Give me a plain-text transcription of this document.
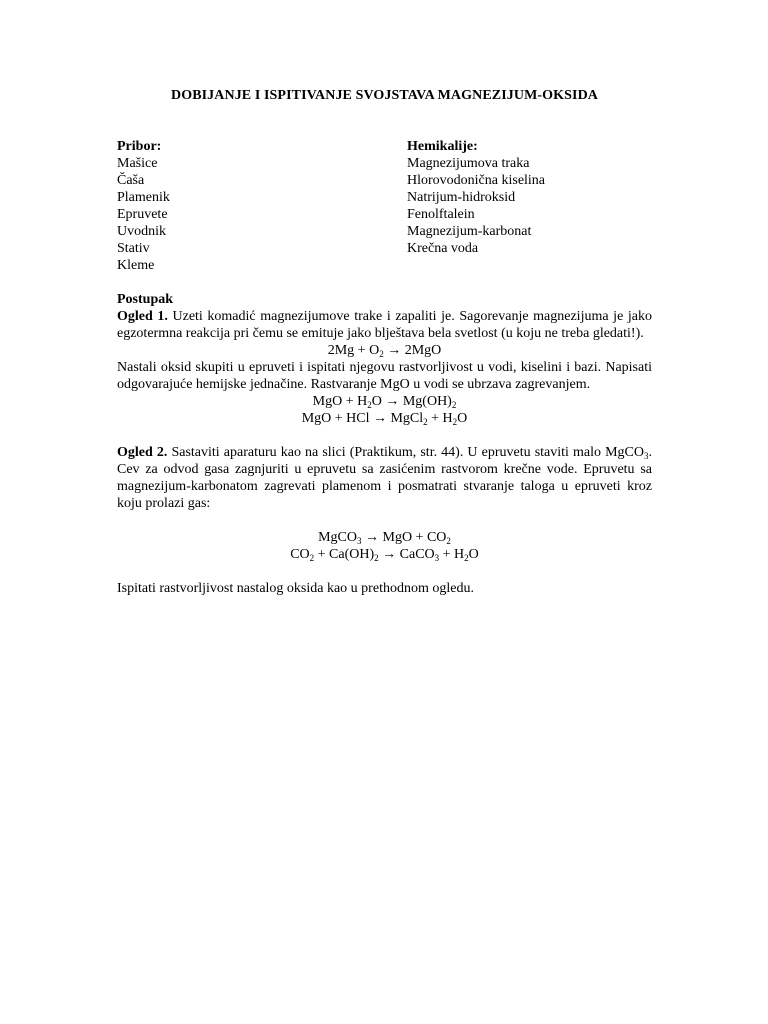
DOBIJANJE I ISPITIVANJE SVOJSTAVA MAGNEZIJUM-OKSIDA
Pribor:
Mašice
Čaša
Plamenik
Epruvete
Uvodnik
Stativ
Kleme
Hemikalije:
Magnezijumova traka
Hlorovodonična kiselina
Natrijum-hidroksid
Fenolftalein
Magnezijum-karbonat
Krečna voda
Postupak

Ogled 1. Uzeti komadić magnezijumove trake i zapaliti je. Sagorevanje magnezijuma je jako egzotermna reakcija pri čemu se emituje jako blještava bela svetlost (u koju ne treba gledati!).

$2Mg + O_2 \to 2MgO$

Nastali oksid skupiti u epruveti i ispitati njegovu rastvorljivost u vodi, kiselini i bazi. Napisati odgovarajuće hemijske jednačine. Rastvaranje MgO u vodi se ubrzava zagrevanjem.

MgO + $H_2O \to Mg(OH)_2$
MgO + HCl → MgCl$_2$ + $H_2O$

Ogled 2. Sastaviti aparaturu kao na slici (Praktikum, str. 44). U epruvetu staviti malo MgCO$_3$. Cev za odvod gasa zagnjuriti u epruvetu sa zasićenim rastvorom krečne vode. Epruvetu sa magnezijum-karbonatom zagrevati plamenom i posmatrati stvaranje taloga u epruveti kroz koju prolazi gas:

MgCO$_3$ → MgO + $CO_2$
$CO_2 + Ca(OH)_2$ → CaCO$_3$ + $H_2O$

Ispitati rastvorljivost nastalog oksida kao u prethodnom ogledu.
